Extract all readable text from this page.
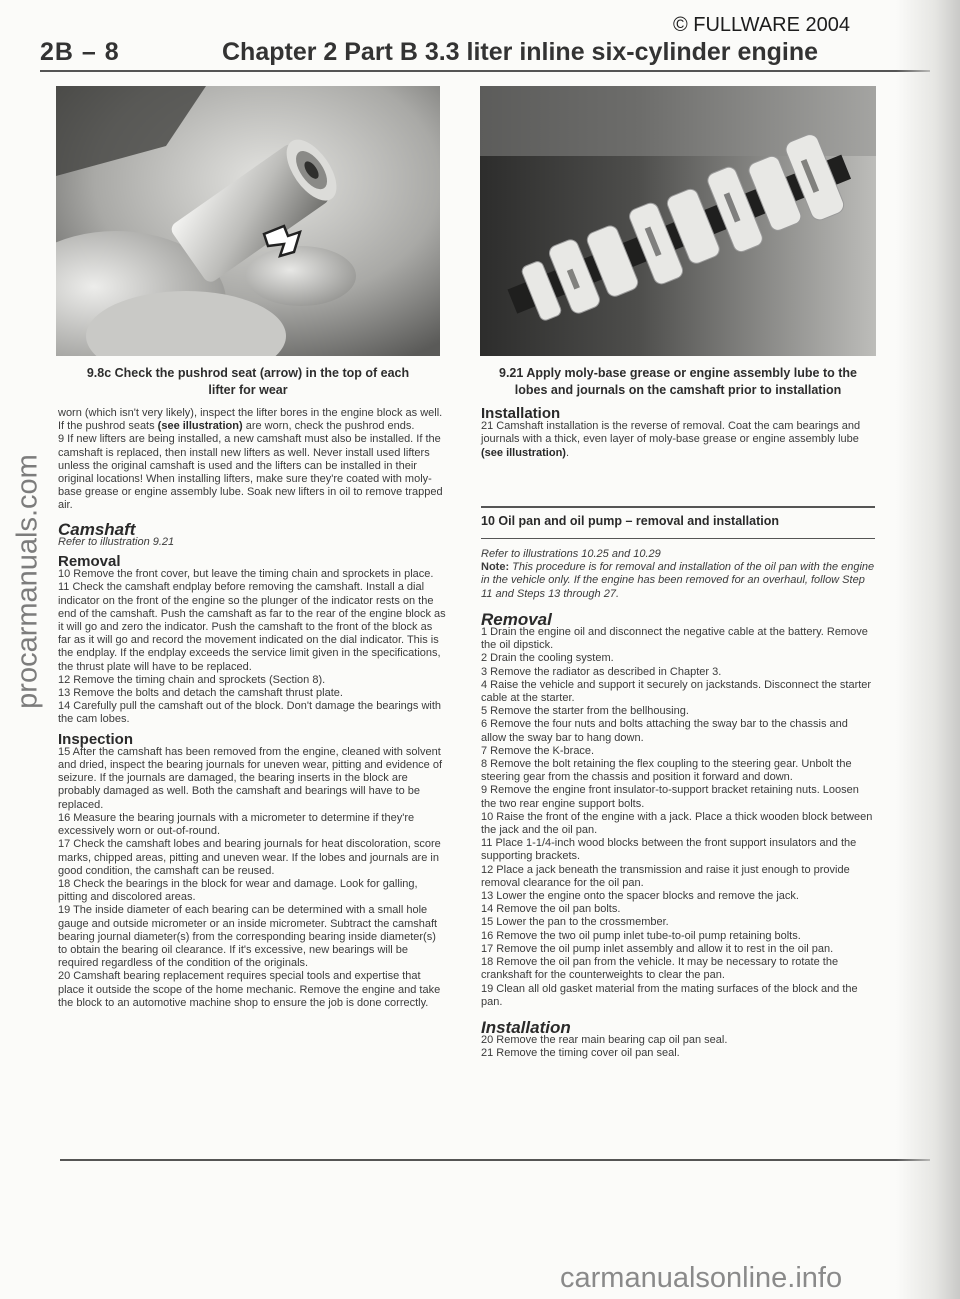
© FULLWARE 2004
2B – 8	Chapter 2 Part B 3.3 liter inline six-cylinder engine
procarmanuals.com
9.8c Check the pushrod seat (arrow) in the top of each
lifter for wear
9.21 Apply moly-base grease or engine assembly lube to the
lobes and journals on the camshaft prior to installation

worn (which isn't very likely), inspect the lifter bores in the engine block as well. If the pushrod seats (see illustration) are worn, check the pushrod ends.

9 If new lifters are being installed, a new camshaft must also be installed. If the camshaft is replaced, then install new lifters as well. Never install used lifters unless the original camshaft is used and the lifters can be installed in their original locations! When installing lifters, make sure they're coated with moly-base grease or engine assembly lube. Soak new lifters in oil to remove trapped air.

Camshaft

Refer to illustration 9.21

Removal

10 Remove the front cover, but leave the timing chain and sprockets in place.

11 Check the camshaft endplay before removing the camshaft. Install a dial indicator on the front of the engine so the plunger of the indicator rests on the end of the camshaft. Push the camshaft as far to the rear of the engine block as it will go and zero the indicator. Push the camshaft to the front of the block as far as it will go and record the movement indicated on the dial indicator. This is the endplay. If the endplay exceeds the service limit given in the specifications, the thrust plate will have to be replaced.

12 Remove the timing chain and sprockets (Section 8).

13 Remove the bolts and detach the camshaft thrust plate.

14 Carefully pull the camshaft out of the block. Don't damage the bearings with the cam lobes.

Inspection

15 After the camshaft has been removed from the engine, cleaned with solvent and dried, inspect the bearing journals for uneven wear, pitting and evidence of seizure. If the journals are damaged, the bearing inserts in the block are probably damaged as well. Both the camshaft and bearings will have to be replaced.

16 Measure the bearing journals with a micrometer to determine if they're excessively worn or out-of-round.

17 Check the camshaft lobes and bearing journals for heat discoloration, score marks, chipped areas, pitting and uneven wear. If the lobes and journals are in good condition, the camshaft can be reused.

18 Check the bearings in the block for wear and damage. Look for galling, pitting and discolored areas.

19 The inside diameter of each bearing can be determined with a small hole gauge and outside micrometer or an inside micrometer. Subtract the camshaft bearing journal diameter(s) from the corresponding bearing inside diameter(s) to obtain the bearing oil clearance. If it's excessive, new bearings will be required regardless of the condition of the originals.

20 Camshaft bearing replacement requires special tools and expertise that place it outside the scope of the home mechanic. Remove the engine and take the block to an automotive machine shop to ensure the job is done correctly.

Installation

21 Camshaft installation is the reverse of removal. Coat the cam bearings and journals with a thick, even layer of moly-base grease or engine assembly lube (see illustration).

10 Oil pan and oil pump – removal and installation

Refer to illustrations 10.25 and 10.29

Note: This procedure is for removal and installation of the oil pan with the engine in the vehicle only. If the engine has been removed for an overhaul, follow Step 11 and Steps 13 through 27.

Removal

1 Drain the engine oil and disconnect the negative cable at the battery. Remove the oil dipstick.

2 Drain the cooling system.

3 Remove the radiator as described in Chapter 3.

4 Raise the vehicle and support it securely on jackstands. Disconnect the starter cable at the starter.

5 Remove the starter from the bellhousing.

6 Remove the four nuts and bolts attaching the sway bar to the chassis and allow the sway bar to hang down.

7 Remove the K-brace.

8 Remove the bolt retaining the flex coupling to the steering gear. Unbolt the steering gear from the chassis and position it forward and down.

9 Remove the engine front insulator-to-support bracket retaining nuts. Loosen the two rear engine support bolts.

10 Raise the front of the engine with a jack. Place a thick wooden block between the jack and the oil pan.

11 Place 1-1/4-inch wood blocks between the front support insulators and the supporting brackets.

12 Place a jack beneath the transmission and raise it just enough to provide removal clearance for the oil pan.

13 Lower the engine onto the spacer blocks and remove the jack.

14 Remove the oil pan bolts.

15 Lower the pan to the crossmember.

16 Remove the two oil pump inlet tube-to-oil pump retaining bolts.

17 Remove the oil pump inlet assembly and allow it to rest in the oil pan.

18 Remove the oil pan from the vehicle. It may be necessary to rotate the crankshaft for the counterweights to clear the pan.

19 Clean all old gasket material from the mating surfaces of the block and the pan.

Installation

20 Remove the rear main bearing cap oil pan seal.

21 Remove the timing cover oil pan seal.

carmanualsonline.info
